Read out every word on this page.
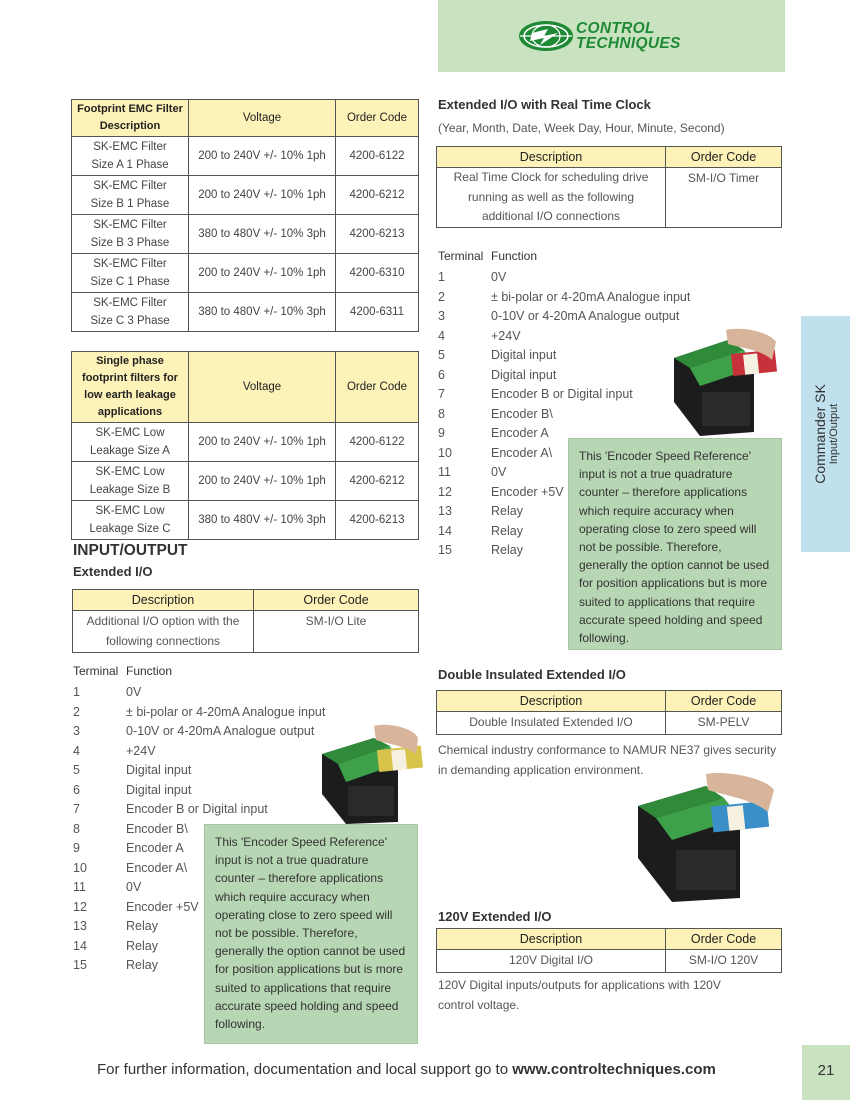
CONTROL
TECHNIQUES
Commander SK Input/Output
Footprint EMC Filter Description	Voltage	Order Code
SK-EMC Filter Size A 1 Phase	200 to 240V +/- 10% 1ph	4200-6122
SK-EMC Filter Size B 1 Phase	200 to 240V +/- 10% 1ph	4200-6212
SK-EMC Filter Size B 3 Phase	380 to 480V +/- 10% 3ph	4200-6213
SK-EMC Filter Size C 1 Phase	200 to 240V +/- 10% 1ph	4200-6310
SK-EMC Filter Size C 3 Phase	380 to 480V +/- 10% 3ph	4200-6311
Single phase footprint filters for low earth leakage applications	Voltage	Order Code
SK-EMC Low Leakage Size A	200 to 240V +/- 10% 1ph	4200-6122
SK-EMC Low Leakage Size B	200 to 240V +/- 10% 1ph	4200-6212
SK-EMC Low Leakage Size C	380 to 480V +/- 10% 3ph	4200-6213
INPUT/OUTPUT
Extended I/O
Description	Order Code
Additional I/O option with the following connections	SM-I/O Lite
Terminal Function
1	0V
2	± bi-polar or 4-20mA Analogue input
3	0-10V or 4-20mA Analogue output
4	+24V
5	Digital input
6	Digital input
7	Encoder B or Digital input
8	Encoder B\
9	Encoder A
10	Encoder A\
11	0V
12	Encoder +5V
13	Relay
14	Relay
15	Relay
This 'Encoder Speed Reference' input is not a true quadrature counter – therefore applications which require accuracy when operating close to zero speed will not be possible. Therefore, generally the option cannot be used for position applications but is more suited to applications that require accurate speed holding and speed following.
Extended I/O with Real Time Clock
(Year, Month, Date, Week Day, Hour, Minute, Second)
Description	Order Code
Real Time Clock for scheduling drive running as well as the following additional I/O connections	SM-I/O Timer
Terminal Function
1	0V
2	± bi-polar or 4-20mA Analogue input
3	0-10V or 4-20mA Analogue output
4	+24V
5	Digital input
6	Digital input
7	Encoder B or Digital input
8	Encoder B\
9	Encoder A
10	Encoder A\
11	0V
12	Encoder +5V
13	Relay
14	Relay
15	Relay
This 'Encoder Speed Reference' input is not a true quadrature counter – therefore applications which require accuracy when operating close to zero speed will not be possible. Therefore, generally the option cannot be used for position applications but is more suited to applications that require accurate speed holding and speed following.
Double Insulated Extended I/O
Description	Order Code
Double Insulated Extended I/O	SM-PELV
Chemical industry conformance to NAMUR NE37 gives security in demanding application environment.
120V Extended I/O
Description	Order Code
120V Digital I/O	SM-I/O 120V
120V Digital inputs/outputs for applications with 120V control voltage.
For further information, documentation and local support go to www.controltechniques.com	21
